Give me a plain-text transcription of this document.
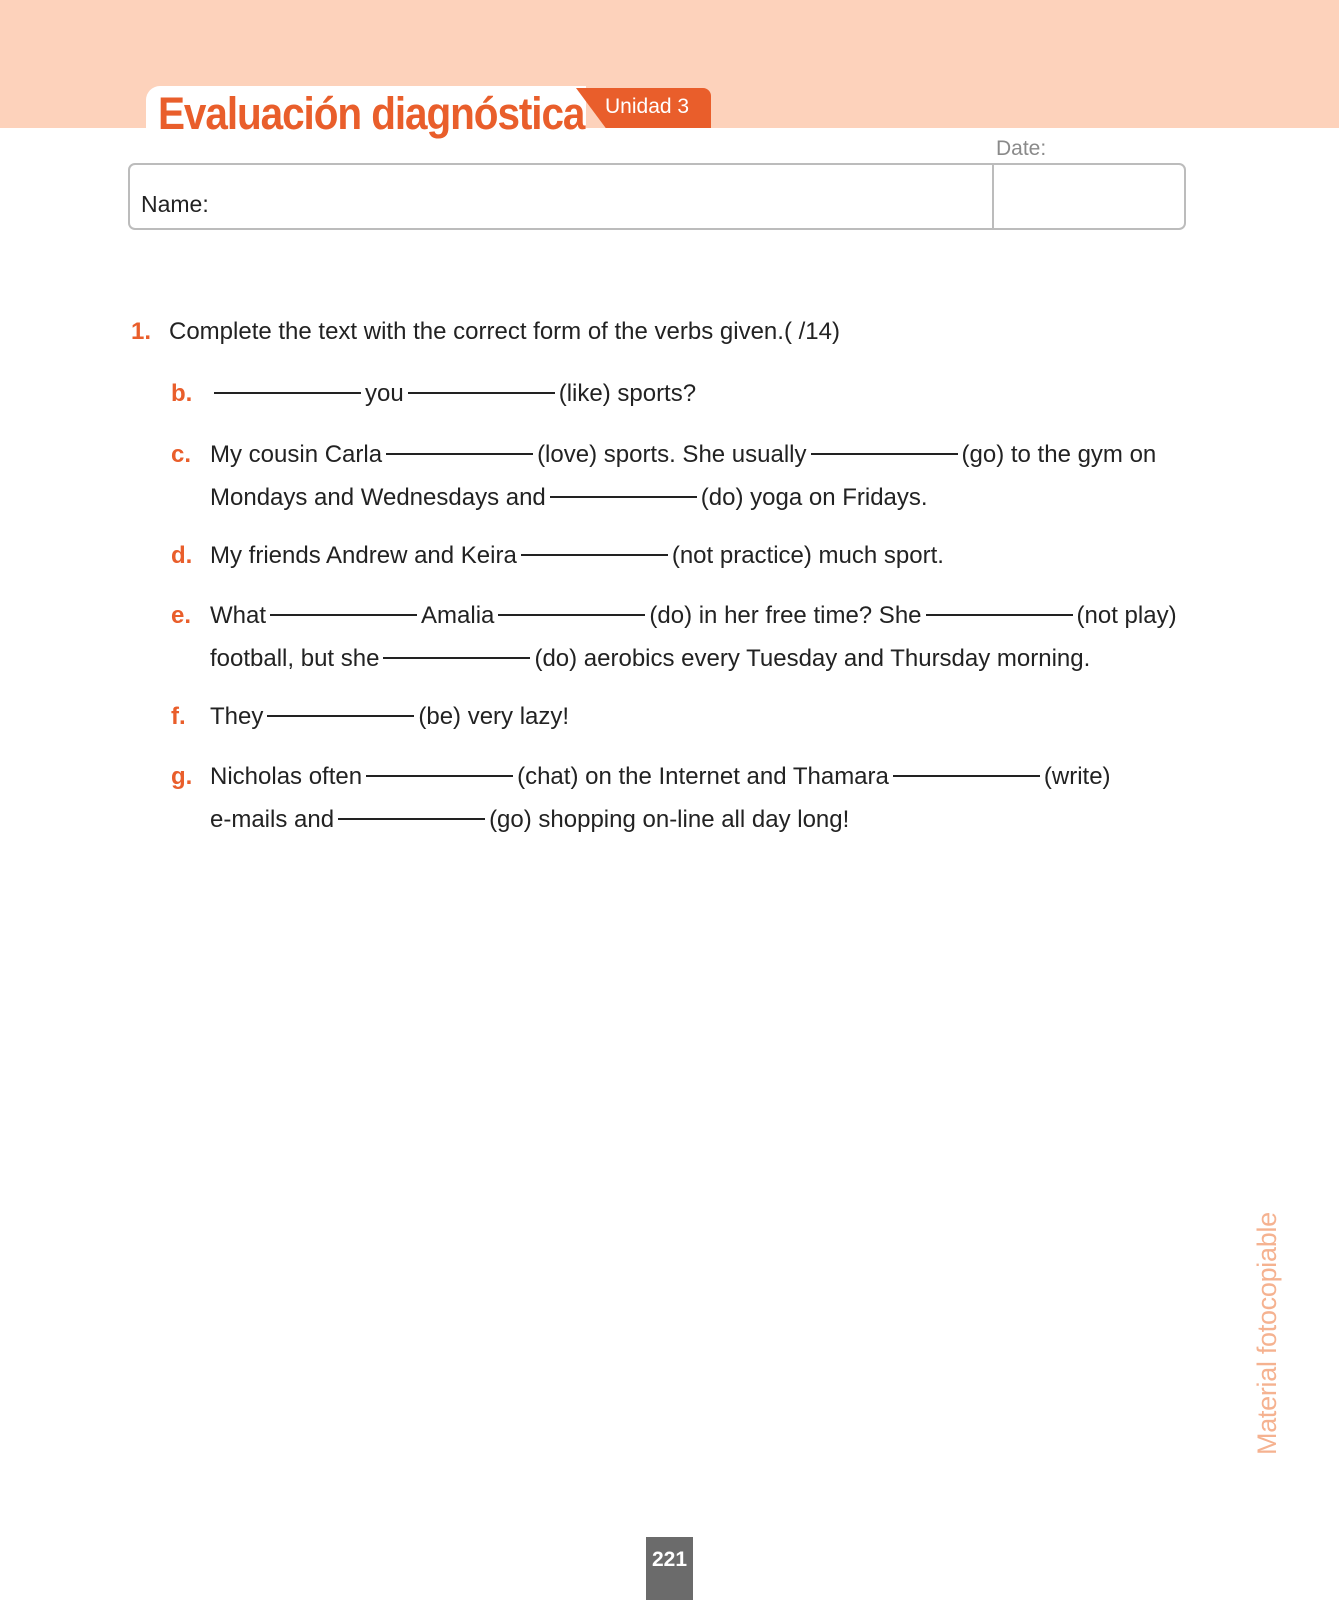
Evaluación diagnóstica Unidad 3
Date:
Name:
1. Complete the text with the correct form of the verbs given.( /14)
b.	you	(like) sports?
c. My cousin Carla	(love) sports. She usually	(go) to the gym on
Mondays and Wednesdays and	(do) yoga on Fridays.
d. My friends Andrew and Keira	(not practice) much sport.
e. What	Amalia	(do) in her free time? She	(not play)
football, but she	(do) aerobics every Tuesday and Thursday morning.
f. They	(be) very lazy!
g. Nicholas often	(chat) on the Internet and Thamara	(write)
e-mails and	(go) shopping on-line all day long!
Material fotocopiable
221
